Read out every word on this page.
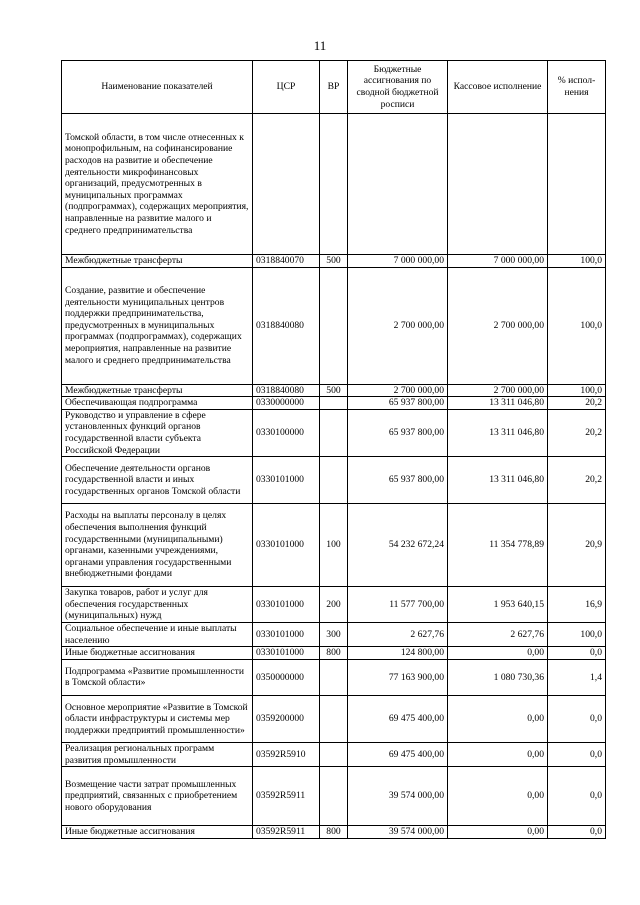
11
Наименование показателей	ЦСР	ВР	Бюджетные ассигнования по сводной бюджетной росписи	Кассовое исполнение	% испол-нения
Томской области, в том числе отнесенных к монопрофильным, на софинансирование расходов на развитие и обеспечение деятельности микрофинансовых организаций, предусмотренных в муниципальных программах (подпрограммах), содержащих мероприятия, направленные на развитие малого и среднего предпринимательства					
Межбюджетные трансферты	0318840070	500	7 000 000,00	7 000 000,00	100,0
Создание, развитие и обеспечение деятельности муниципальных центров поддержки предпринимательства, предусмотренных в муниципальных программах (подпрограммах), содержащих мероприятия, направленные на развитие малого и среднего предпринимательства	0318840080		2 700 000,00	2 700 000,00	100,0
Межбюджетные трансферты	0318840080	500	2 700 000,00	2 700 000,00	100,0
Обеспечивающая подпрограмма	0330000000		65 937 800,00	13 311 046,80	20,2
Руководство и управление в сфере установленных функций органов государственной власти субъекта Российской Федерации	0330100000		65 937 800,00	13 311 046,80	20,2
Обеспечение деятельности органов государственной власти и иных государственных органов Томской области	0330101000		65 937 800,00	13 311 046,80	20,2
Расходы на выплаты персоналу в целях обеспечения выполнения функций государственными (муниципальными) органами, казенными учреждениями, органами управления государственными внебюджетными фондами	0330101000	100	54 232 672,24	11 354 778,89	20,9
Закупка товаров, работ и услуг для обеспечения государственных (муниципальных) нужд	0330101000	200	11 577 700,00	1 953 640,15	16,9
Социальное обеспечение и иные выплаты населению	0330101000	300	2 627,76	2 627,76	100,0
Иные бюджетные ассигнования	0330101000	800	124 800,00	0,00	0,0
Подпрограмма «Развитие промышленности в Томской области»	0350000000		77 163 900,00	1 080 730,36	1,4
Основное мероприятие «Развитие в Томской области инфраструктуры и системы мер поддержки предприятий промышленности»	0359200000		69 475 400,00	0,00	0,0
Реализация региональных программ развития промышленности	03592R5910		69 475 400,00	0,00	0,0
Возмещение части затрат промышленных предприятий, связанных с приобретением нового оборудования	03592R5911		39 574 000,00	0,00	0,0
Иные бюджетные ассигнования	03592R5911	800	39 574 000,00	0,00	0,0
